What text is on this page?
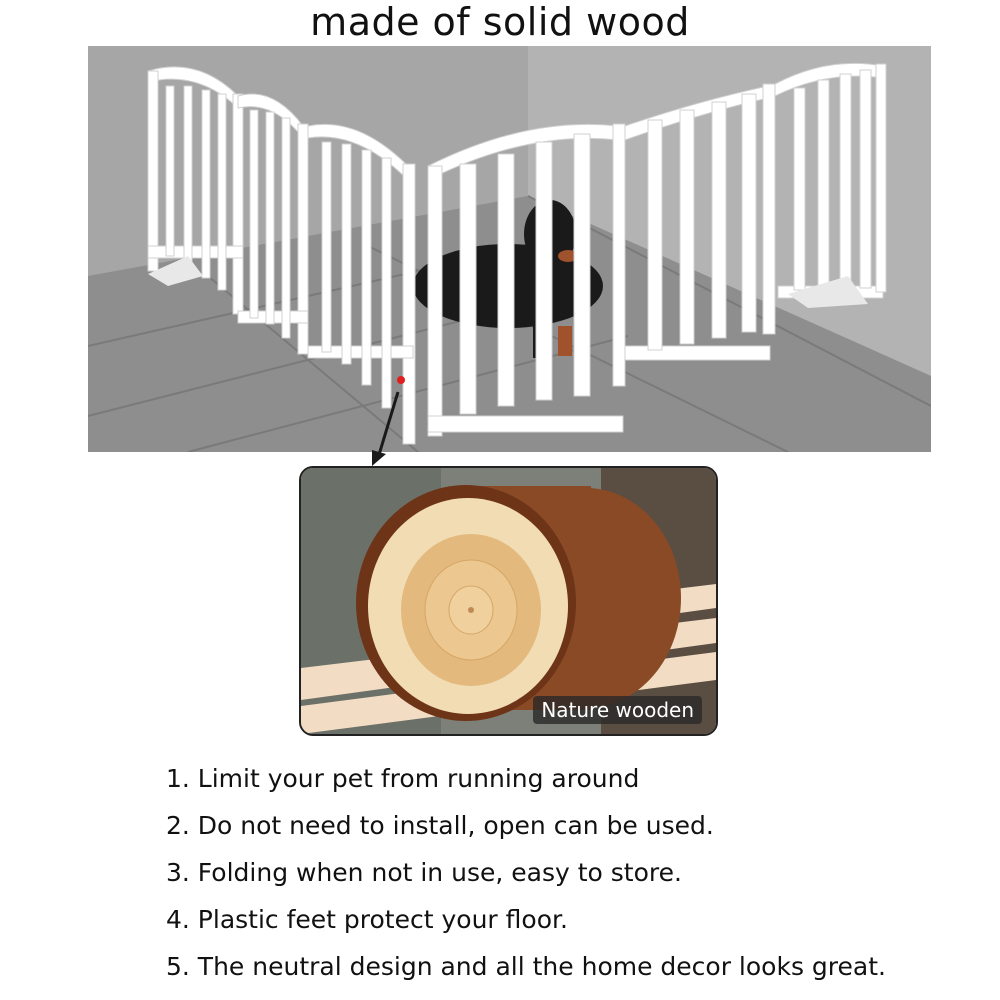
made of solid wood
Nature wooden
1. Limit your pet from running around
2. Do not need to install, open can be used.
3. Folding when not in use, easy to store.
4. Plastic feet protect your floor.
5. The neutral design and all the home decor looks great.
